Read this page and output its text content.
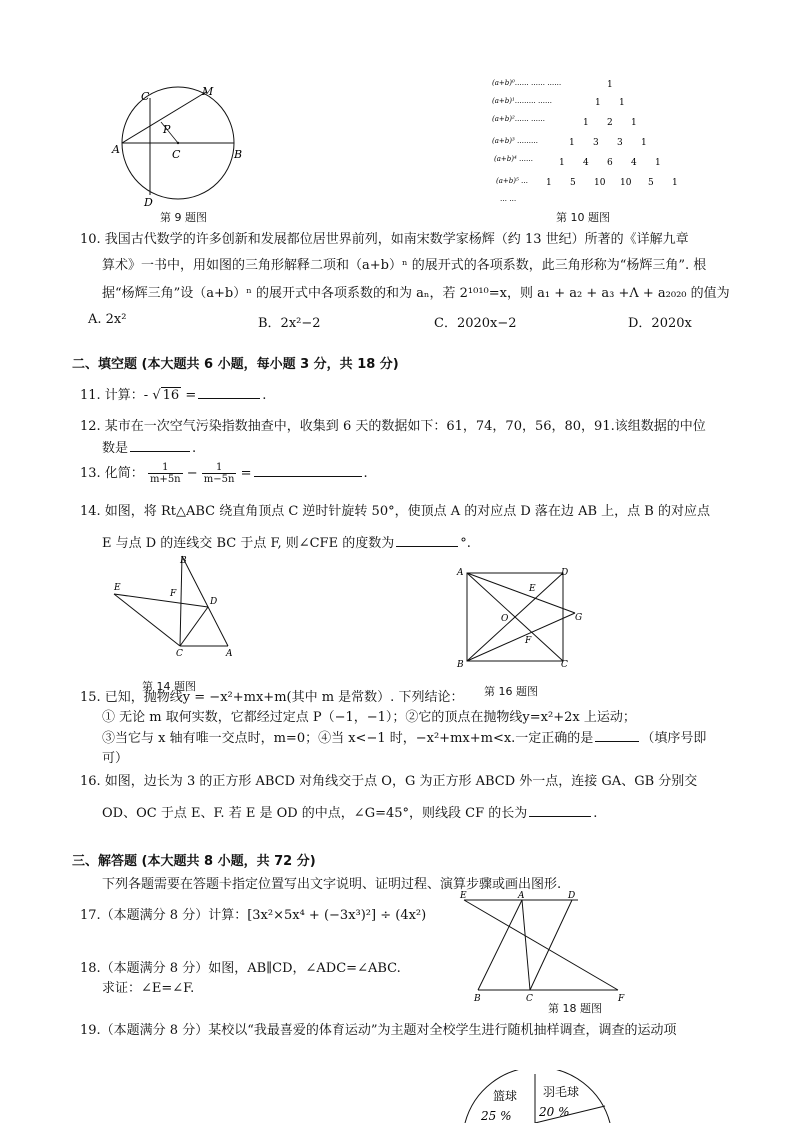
C	M
P
A	C	B
D
第 9 题图
(a+b)⁰…… …… ……
(a+b)¹……… ……
(a+b)²…… ……
(a+b)³ ………
(a+b)⁴ ……
(a+b)⁵ …
1
1 1
1 2 1
1 3 3 1
1 4 6 4 1
1 5 10 10 5 1
… …
第 10 题图
10. 我国古代数学的许多创新和发展都位居世界前列，如南宋数学家杨辉（约 13 世纪）所著的《详解九章
算术》一书中，用如图的三角形解释二项和（a+b）ⁿ 的展开式的各项系数，此三角形称为“杨辉三角”. 根
据“杨辉三角”设（a+b）ⁿ 的展开式中各项系数的和为 aₙ，若 2¹⁰¹⁰=x，则 a₁ + a₂ + a₃ +Λ + a₂₀₂₀ 的值为
A. 2x²	B．2x²−2	C．2020x−2	D．2020x
二、填空题 (本大题共 6 小题，每小题 3 分，共 18 分)
11. 计算：- √ 16 =	.
12. 某市在一次空气污染指数抽查中，收集到 6 天的数据如下：61，74，70，56，80，91.该组数据的中位
数是	.
13. 化简： $\frac{1}{m+5n} - \frac{1}{m-5n}$ =	.
14. 如图，将 Rt△ABC 绕直角顶点 C 逆时针旋转 50°，使顶点 A 的对应点 D 落在边 AB 上，点 B 的对应点
E 与点 D 的连线交 BC 于点 F, 则∠CFE 的度数为	°.
B
E
F
D
C	A
A	D
E
O	G
F
B	C
第 14 题图	第 16 题图
15. 已知，抛物线y = −x²+mx+m(其中 m 是常数）. 下列结论：
① 无论 m 取何实数，它都经过定点 P（−1，−1）；②它的顶点在抛物线y=x²+2x 上运动；
③当它与 x 轴有唯一交点时，m=0；④当 x<−1 时，−x²+mx+m<x.一定正确的是	（填序号即
可）
16. 如图，边长为 3 的正方形 ABCD 对角线交于点 O，G 为正方形 ABCD 外一点，连接 GA、GB 分别交
OD、OC 于点 E、F. 若 E 是 OD 的中点，∠G=45°，则线段 CF 的长为	.
三、解答题 (本大题共 8 小题，共 72 分)
下列各题需要在答题卡指定位置写出文字说明、证明过程、演算步骤或画出图形.
17.（本题满分 8 分）计算：[3x²×5x⁴ + (−3x³)²] ÷ (4x²)
E	A	D
B	C	F
第 18 题图
18.（本题满分 8 分）如图，AB∥CD，∠ADC=∠ABC.
求证：∠E=∠F.
19.（本题满分 8 分）某校以“我最喜爱的体育运动”为主题对全校学生进行随机抽样调查，调查的运动项
篮球
25 %
羽毛球
20 %
